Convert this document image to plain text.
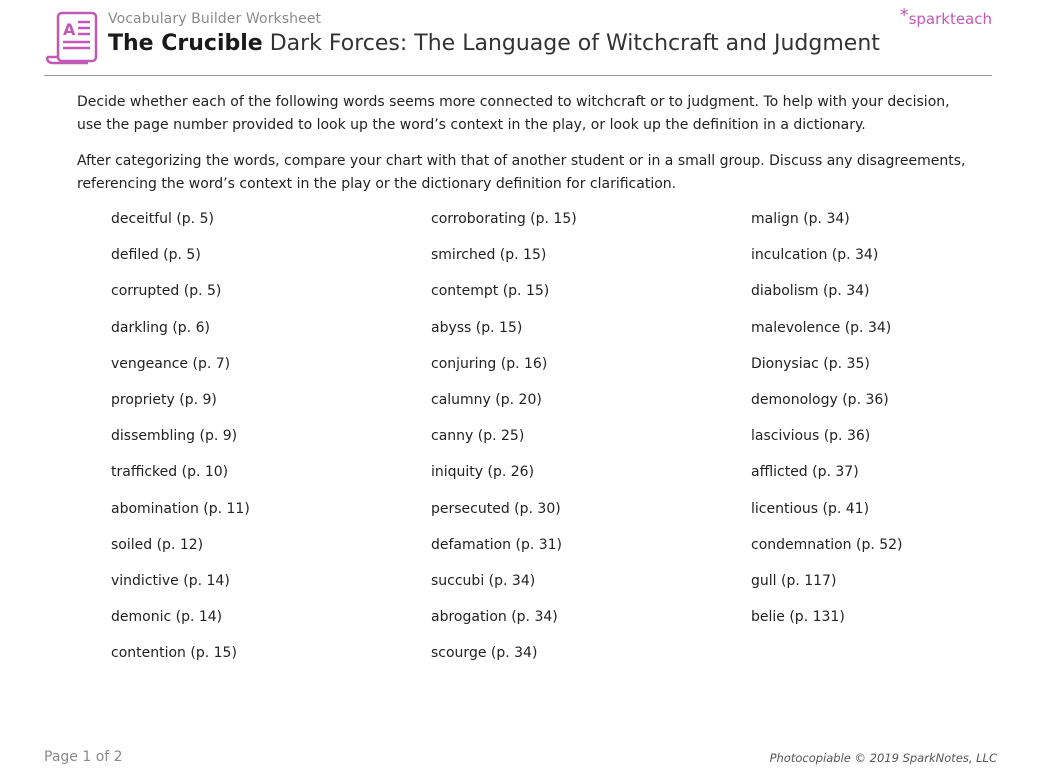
A
Vocabulary Builder Worksheet
The Crucible Dark Forces: The Language of Witchcraft and Judgment
*sparkteach

Decide whether each of the following words seems more connected to witchcraft or to judgment. To help with your decision, use the page number provided to look up the word’s context in the play, or look up the definition in a dictionary.

After categorizing the words, compare your chart with that of another student or in a small group. Discuss any disagreements, referencing the word’s context in the play or the dictionary definition for clarification.

deceitful (p. 5)
defiled (p. 5)
corrupted (p. 5)
darkling (p. 6)
vengeance (p. 7)
propriety (p. 9)
dissembling (p. 9)
trafficked (p. 10)
abomination (p. 11)
soiled (p. 12)
vindictive (p. 14)
demonic (p. 14)
contention (p. 15)
corroborating (p. 15)
smirched (p. 15)
contempt (p. 15)
abyss (p. 15)
conjuring (p. 16)
calumny (p. 20)
canny (p. 25)
iniquity (p. 26)
persecuted (p. 30)
defamation (p. 31)
succubi (p. 34)
abrogation (p. 34)
scourge (p. 34)
malign (p. 34)
inculcation (p. 34)
diabolism (p. 34)
malevolence (p. 34)
Dionysiac (p. 35)
demonology (p. 36)
lascivious (p. 36)
afflicted (p. 37)
licentious (p. 41)
condemnation (p. 52)
gull (p. 117)
belie (p. 131)
Page 1 of 2	Photocopiable © 2019 SparkNotes, LLC
